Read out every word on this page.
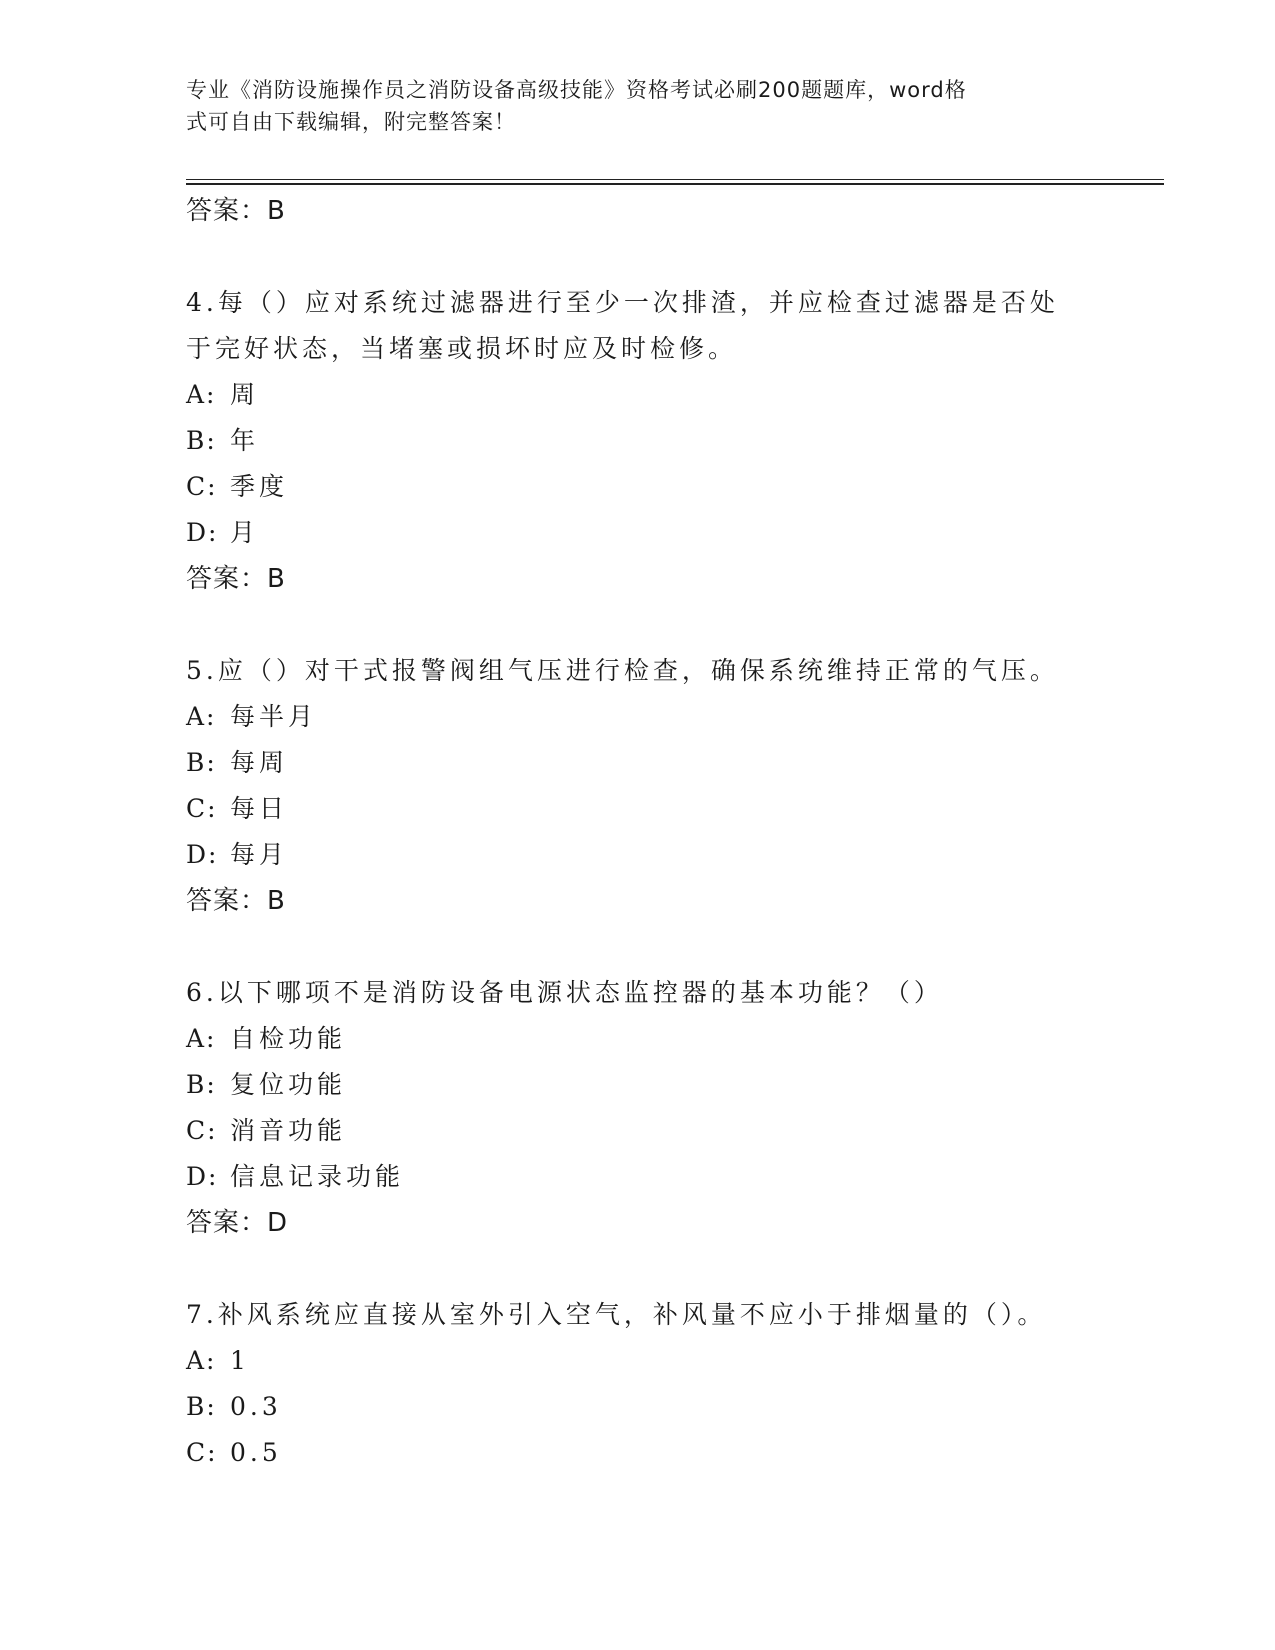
专业《消防设施操作员之消防设备高级技能》资格考试必刷200题题库，word格
式可自由下载编辑，附完整答案！
答案：B
4.每（）应对系统过滤器进行至少一次排渣，并应检查过滤器是否处
于完好状态，当堵塞或损坏时应及时检修。
A: 周
B: 年
C: 季度
D: 月
答案：B
5.应（）对干式报警阀组气压进行检查，确保系统维持正常的气压。
A: 每半月
B: 每周
C: 每日
D: 每月
答案：B
6.以下哪项不是消防设备电源状态监控器的基本功能？（）
A: 自检功能
B: 复位功能
C: 消音功能
D: 信息记录功能
答案：D
7.补风系统应直接从室外引入空气，补风量不应小于排烟量的（）。
A: 1
B: 0.3
C: 0.5
